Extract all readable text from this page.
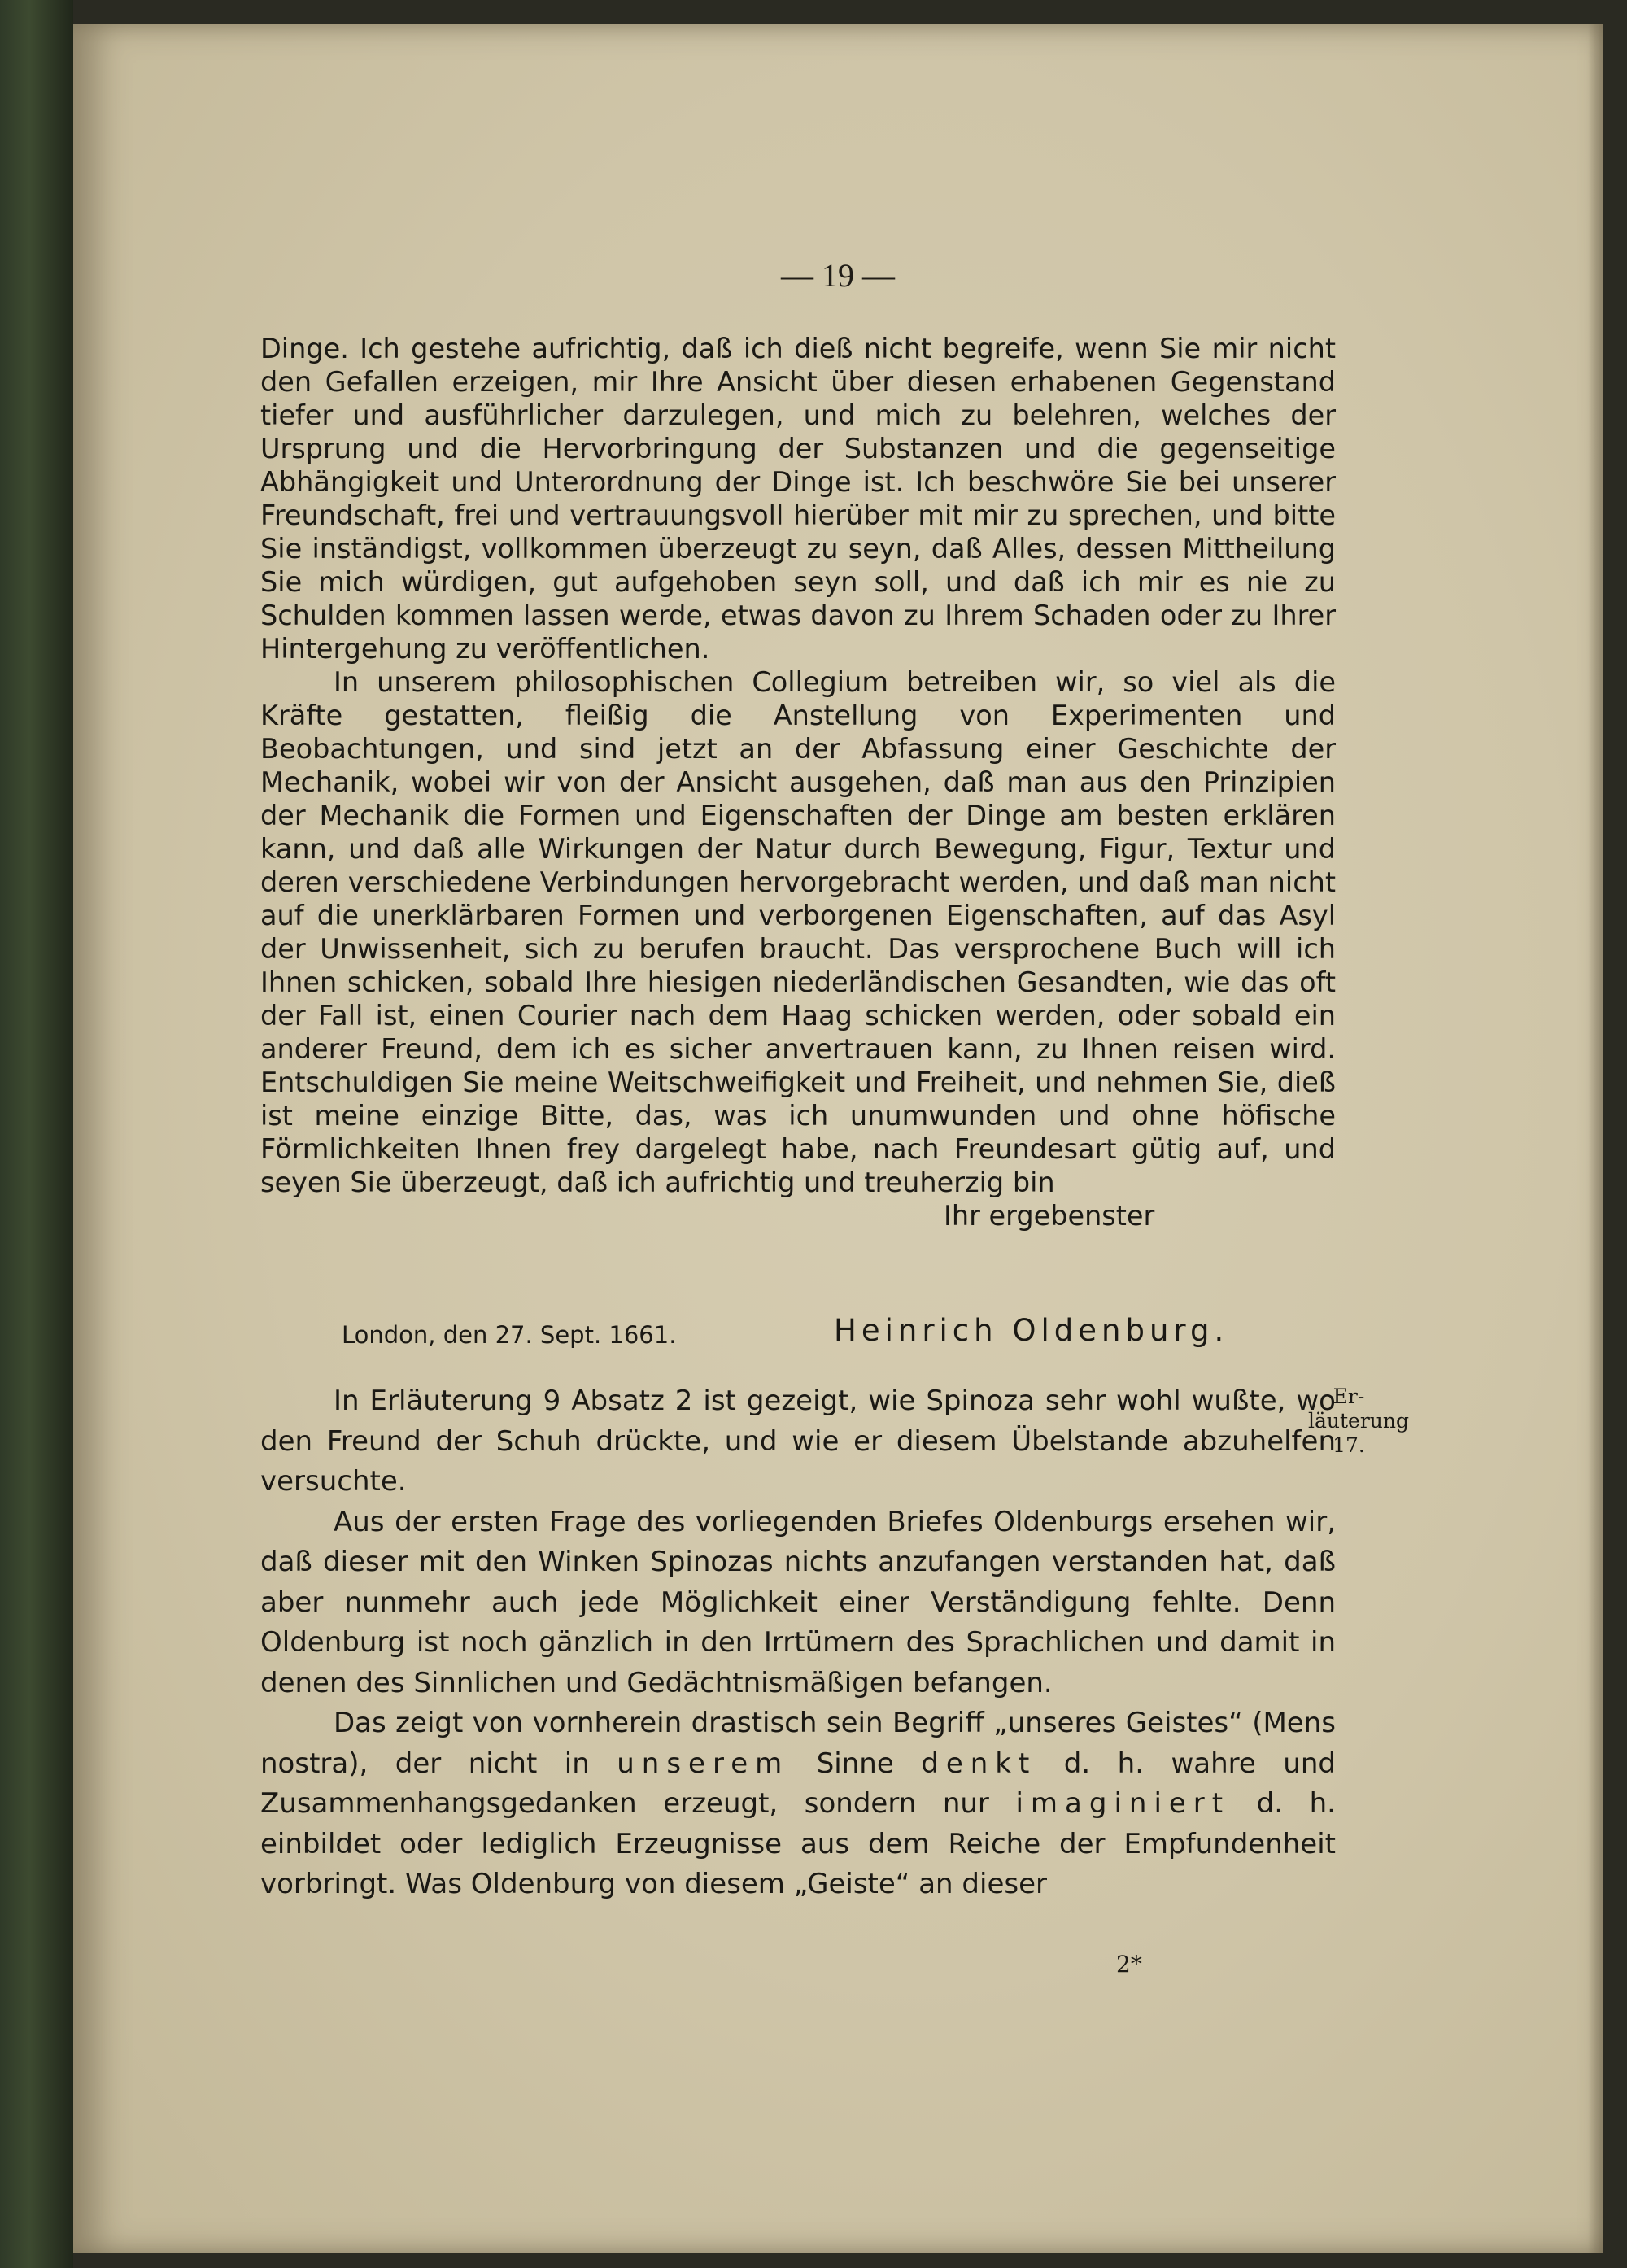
— 19 —

Dinge. Ich gestehe aufrichtig, daß ich dieß nicht begreife, wenn Sie mir nicht den Gefallen erzeigen, mir Ihre Ansicht über diesen erhabenen Gegenstand tiefer und ausführlicher darzulegen, und mich zu belehren, welches der Ursprung und die Hervorbringung der Substanzen und die gegenseitige Abhängigkeit und Unterordnung der Dinge ist. Ich beschwöre Sie bei unserer Freundschaft, frei und vertrauungsvoll hierüber mit mir zu sprechen, und bitte Sie inständigst, vollkommen überzeugt zu seyn, daß Alles, dessen Mittheilung Sie mich würdigen, gut aufgehoben seyn soll, und daß ich mir es nie zu Schulden kommen lassen werde, etwas davon zu Ihrem Schaden oder zu Ihrer Hintergehung zu veröffentlichen.

In unserem philosophischen Collegium betreiben wir, so viel als die Kräfte gestatten, fleißig die Anstellung von Experimenten und Beobachtungen, und sind jetzt an der Abfassung einer Geschichte der Mechanik, wobei wir von der Ansicht ausgehen, daß man aus den Prinzipien der Mechanik die Formen und Eigenschaften der Dinge am besten erklären kann, und daß alle Wirkungen der Natur durch Bewegung, Figur, Textur und deren verschiedene Verbindungen hervorgebracht werden, und daß man nicht auf die unerklärbaren Formen und verborgenen Eigenschaften, auf das Asyl der Unwissenheit, sich zu berufen braucht. Das versprochene Buch will ich Ihnen schicken, sobald Ihre hiesigen niederländischen Gesandten, wie das oft der Fall ist, einen Courier nach dem Haag schicken werden, oder sobald ein anderer Freund, dem ich es sicher anvertrauen kann, zu Ihnen reisen wird. Entschuldigen Sie meine Weitschweifigkeit und Freiheit, und nehmen Sie, dieß ist meine einzige Bitte, das, was ich unumwunden und ohne höfische Förmlichkeiten Ihnen frey dargelegt habe, nach Freundesart gütig auf, und seyen Sie überzeugt, daß ich aufrichtig und treuherzig bin

Ihr ergebenster
London, den 27. Sept. 1661.	Heinrich Oldenburg.

In Erläuterung 9 Absatz 2 ist gezeigt, wie Spinoza sehr wohl wußte, wo den Freund der Schuh drückte, und wie er diesem Übelstande abzuhelfen versuchte.

Aus der ersten Frage des vorliegenden Briefes Oldenburgs ersehen wir, daß dieser mit den Winken Spinozas nichts anzufangen verstanden hat, daß aber nunmehr auch jede Möglichkeit einer Verständigung fehlte. Denn Oldenburg ist noch gänzlich in den Irrtümern des Sprachlichen und damit in denen des Sinnlichen und Gedächtnismäßigen befangen.

Das zeigt von vornherein drastisch sein Begriff „unseres Geistes“ (Mens nostra), der nicht in unserem Sinne denkt d. h. wahre und Zusammenhangsgedanken erzeugt, sondern nur imaginiert d. h. einbildet oder lediglich Erzeugnisse aus dem Reiche der Empfundenheit vorbringt. Was Oldenburg von diesem „Geiste“ an dieser

Er-
läuterung
17.
2*
